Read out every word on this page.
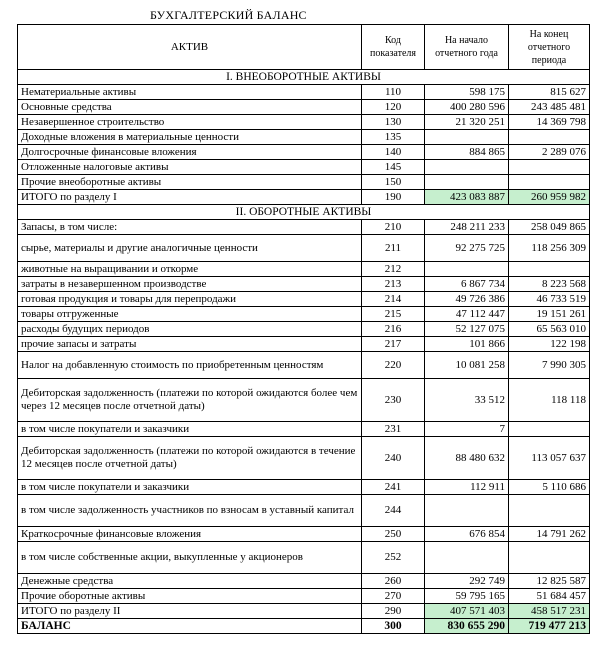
БУХГАЛТЕРСКИЙ БАЛАНС
АКТИВ	Код показателя	На начало отчетного года	На конец отчетного периода
I. ВНЕОБОРОТНЫЕ АКТИВЫ			
Нематериальные активы	110	598 175	815 627
Основные средства	120	400 280 596	243 485 481
Незавершенное строительство	130	21 320 251	14 369 798
Доходные вложения в материальные ценности	135		
Долгосрочные финансовые вложения	140	884 865	2 289 076
Отложенные налоговые активы	145		
Прочие внеоборотные активы	150		
ИТОГО по разделу I	190	423 083 887	260 959 982
II. ОБОРОТНЫЕ АКТИВЫ			
Запасы, в том числе:	210	248 211 233	258 049 865
сырье, материалы и другие аналогичные ценности	211	92 275 725	118 256 309
животные на выращивании и откорме	212		
затраты в незавершенном производстве	213	6 867 734	8 223 568
готовая продукция и товары для перепродажи	214	49 726 386	46 733 519
товары отгруженные	215	47 112 447	19 151 261
расходы будущих периодов	216	52 127 075	65 563 010
прочие запасы и затраты	217	101 866	122 198
Налог на добавленную стоимость по приобретенным ценностям	220	10 081 258	7 990 305
Дебиторская задолженность (платежи по которой ожидаются более чем через 12 месяцев после отчетной даты)	230	33 512	118 118
в том числе покупатели и заказчики	231	7	
Дебиторская задолженность (платежи по которой ожидаются в течение 12 месяцев после отчетной даты)	240	88 480 632	113 057 637
в том числе покупатели и заказчики	241	112 911	5 110 686
в том числе задолженность участников по взносам в уставный капитал	244		
Краткосрочные финансовые вложения	250	676 854	14 791 262
в том числе собственные акции, выкупленные у акционеров	252		
Денежные средства	260	292 749	12 825 587
Прочие оборотные активы	270	59 795 165	51 684 457
ИТОГО по разделу II	290	407 571 403	458 517 231
БАЛАНС	300	830 655 290	719 477 213
